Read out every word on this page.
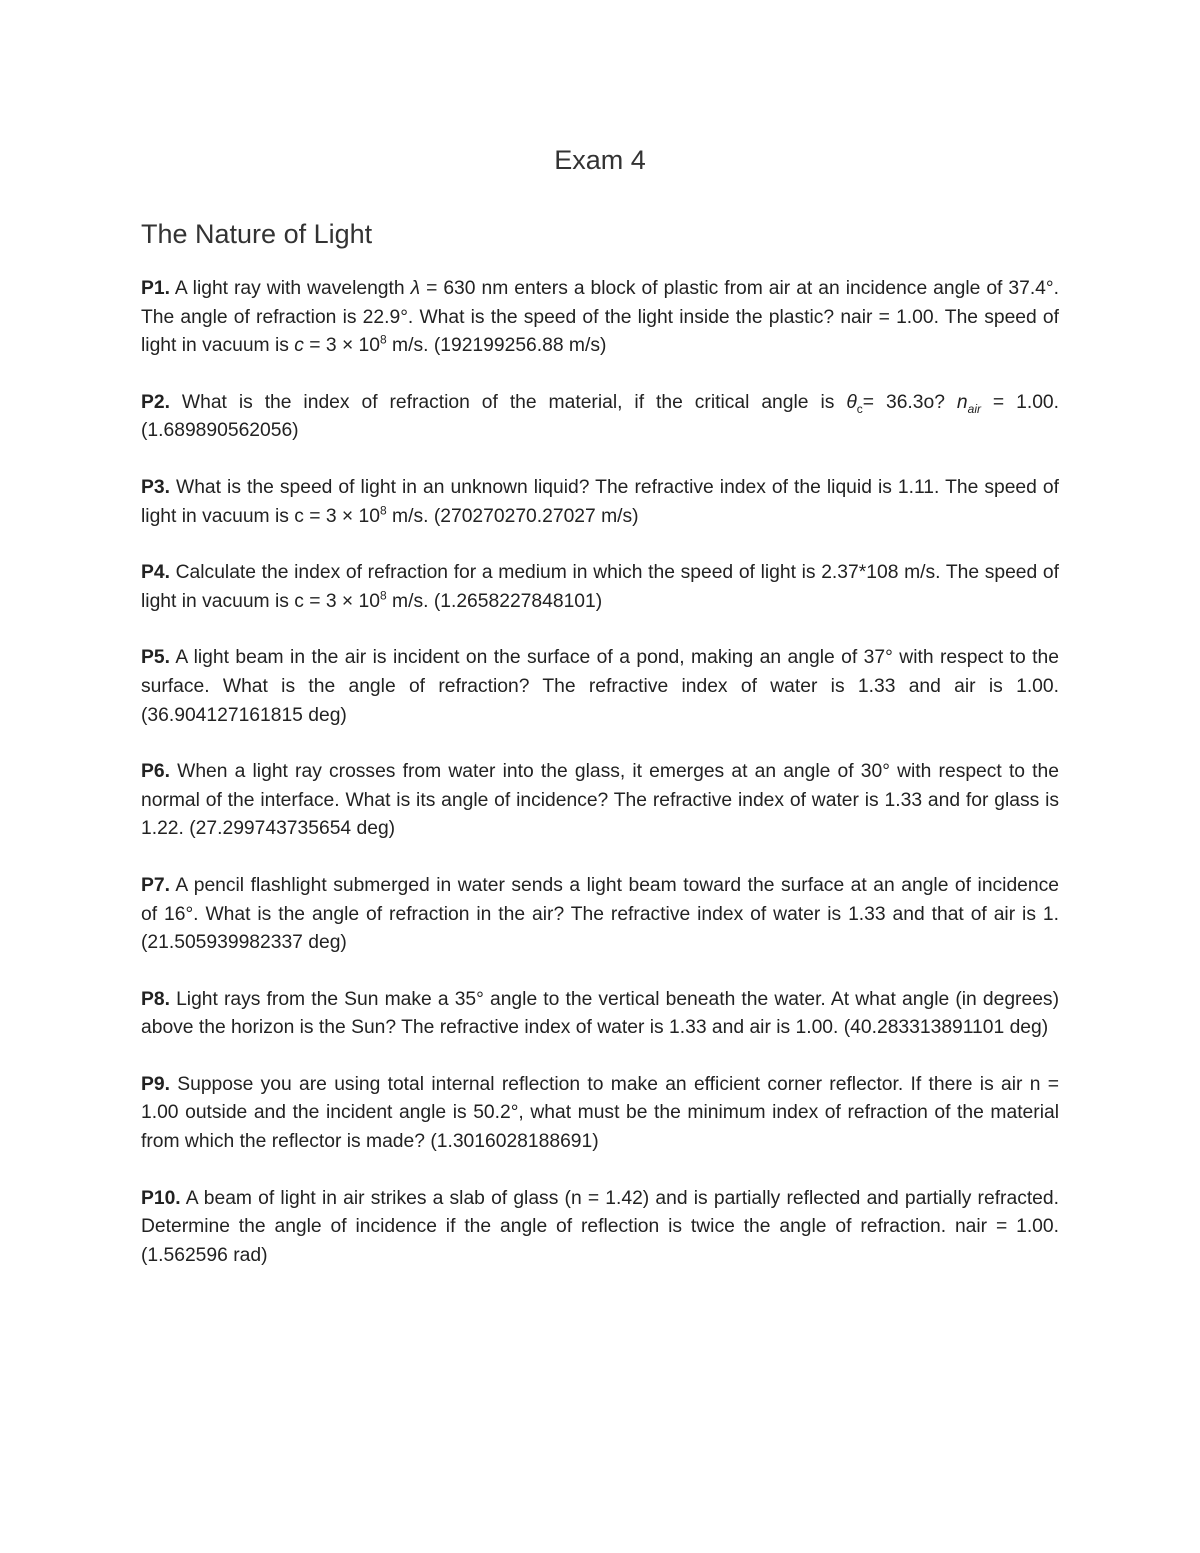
Exam 4
The Nature of Light

P1. A light ray with wavelength λ = 630 nm enters a block of plastic from air at an incidence angle of 37.4°. The angle of refraction is 22.9°. What is the speed of the light inside the plastic? nair = 1.00. The speed of light in vacuum is $c = 3 \times 10^8$ m/s. (192199256.88 m/s)

P2. What is the index of refraction of the material, if the critical angle is $\theta_c= 36.3o$? $n_{air} = 1.00$. (1.689890562056)

P3. What is the speed of light in an unknown liquid? The refractive index of the liquid is 1.11. The speed of light in vacuum is $c = 3 \times 10^8$ m/s. (270270270.27027 m/s)

P4. Calculate the index of refraction for a medium in which the speed of light is 2.37*108 m/s. The speed of light in vacuum is $c = 3 \times 10^8$ m/s. (1.2658227848101)

P5. A light beam in the air is incident on the surface of a pond, making an angle of 37° with respect to the surface. What is the angle of refraction? The refractive index of water is 1.33 and air is 1.00. (36.904127161815 deg)

P6. When a light ray crosses from water into the glass, it emerges at an angle of 30° with respect to the normal of the interface. What is its angle of incidence? The refractive index of water is 1.33 and for glass is 1.22. (27.299743735654 deg)

P7. A pencil flashlight submerged in water sends a light beam toward the surface at an angle of incidence of 16°. What is the angle of refraction in the air? The refractive index of water is 1.33 and that of air is 1. (21.505939982337 deg)

P8. Light rays from the Sun make a 35° angle to the vertical beneath the water. At what angle (in degrees) above the horizon is the Sun? The refractive index of water is 1.33 and air is 1.00. (40.283313891101 deg)

P9. Suppose you are using total internal reflection to make an efficient corner reflector. If there is air n = 1.00 outside and the incident angle is 50.2°, what must be the minimum index of refraction of the material from which the reflector is made? (1.3016028188691)

P10. A beam of light in air strikes a slab of glass (n = 1.42) and is partially reflected and partially refracted. Determine the angle of incidence if the angle of reflection is twice the angle of refraction. nair = 1.00. (1.562596 rad)
